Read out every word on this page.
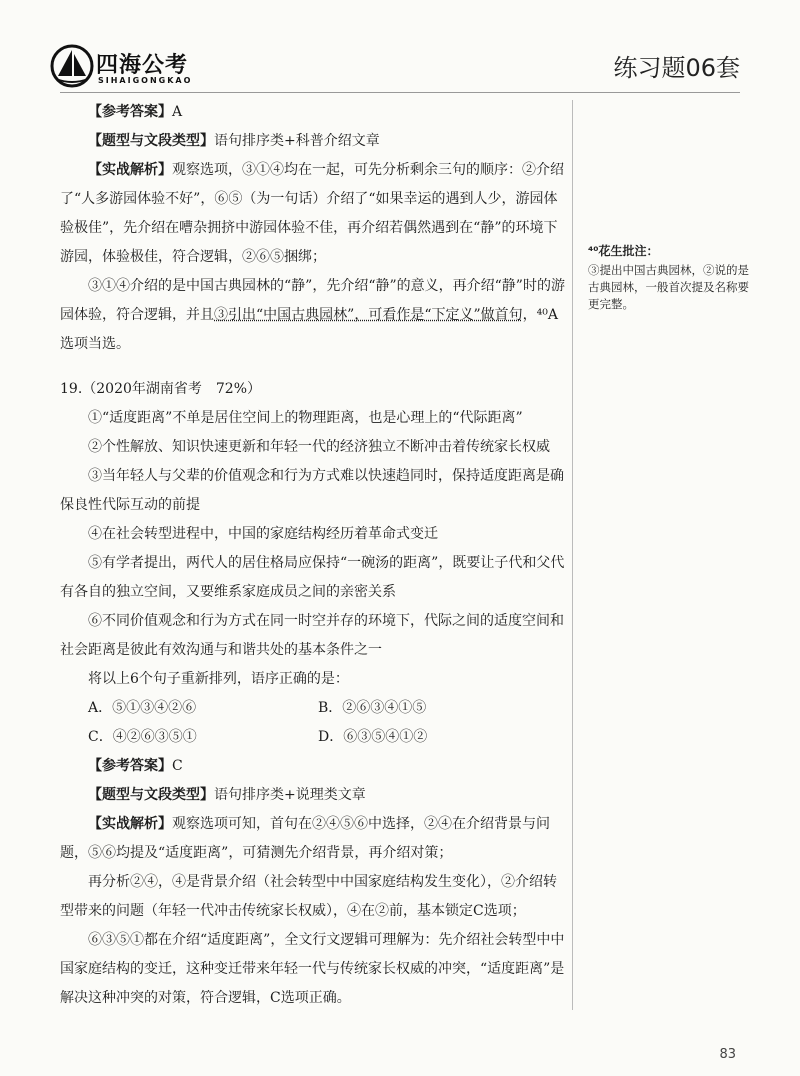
四海公考
SIHAIGONGKAO	练习题06套

【参考答案】A

【题型与文段类型】语句排序类+科普介绍文章

【实战解析】观察选项，③①④均在一起，可先分析剩余三句的顺序：②介绍了“人多游园体验不好”，⑥⑤（为一句话）介绍了“如果幸运的遇到人少，游园体验极佳”，先介绍在嘈杂拥挤中游园体验不佳，再介绍若偶然遇到在“静”的环境下游园，体验极佳，符合逻辑，②⑥⑤捆绑；

③①④介绍的是中国古典园林的“静”，先介绍“静”的意义，再介绍“静”时的游园体验，符合逻辑，并且③引出“中国古典园林”，可看作是“下定义”做首句，⁴⁰A选项当选。

19.（2020年湖南省考　72%）

①“适度距离”不单是居住空间上的物理距离，也是心理上的“代际距离”

②个性解放、知识快速更新和年轻一代的经济独立不断冲击着传统家长权威

③当年轻人与父辈的价值观念和行为方式难以快速趋同时，保持适度距离是确保良性代际互动的前提

④在社会转型进程中，中国的家庭结构经历着革命式变迁

⑤有学者提出，两代人的居住格局应保持“一碗汤的距离”，既要让子代和父代有各自的独立空间，又要维系家庭成员之间的亲密关系

⑥不同价值观念和行为方式在同一时空并存的环境下，代际之间的适度空间和社会距离是彼此有效沟通与和谐共处的基本条件之一

将以上6个句子重新排列，语序正确的是：

A．⑤①③④②⑥	B．②⑥③④①⑤
C．④②⑥③⑤①	D．⑥③⑤④①②

【参考答案】C

【题型与文段类型】语句排序类+说理类文章

【实战解析】观察选项可知，首句在②④⑤⑥中选择，②④在介绍背景与问题，⑤⑥均提及“适度距离”，可猜测先介绍背景，再介绍对策；

再分析②④，④是背景介绍（社会转型中中国家庭结构发生变化），②介绍转型带来的问题（年轻一代冲击传统家长权威），④在②前，基本锁定C选项；

⑥③⑤①都在介绍“适度距离”，全文行文逻辑可理解为：先介绍社会转型中中国家庭结构的变迁，这种变迁带来年轻一代与传统家长权威的冲突，“适度距离”是解决这种冲突的对策，符合逻辑，C选项正确。

⁴⁰花生批注：
③提出中国古典园林，②说的是古典园林，一般首次提及名称要更完整。
83
